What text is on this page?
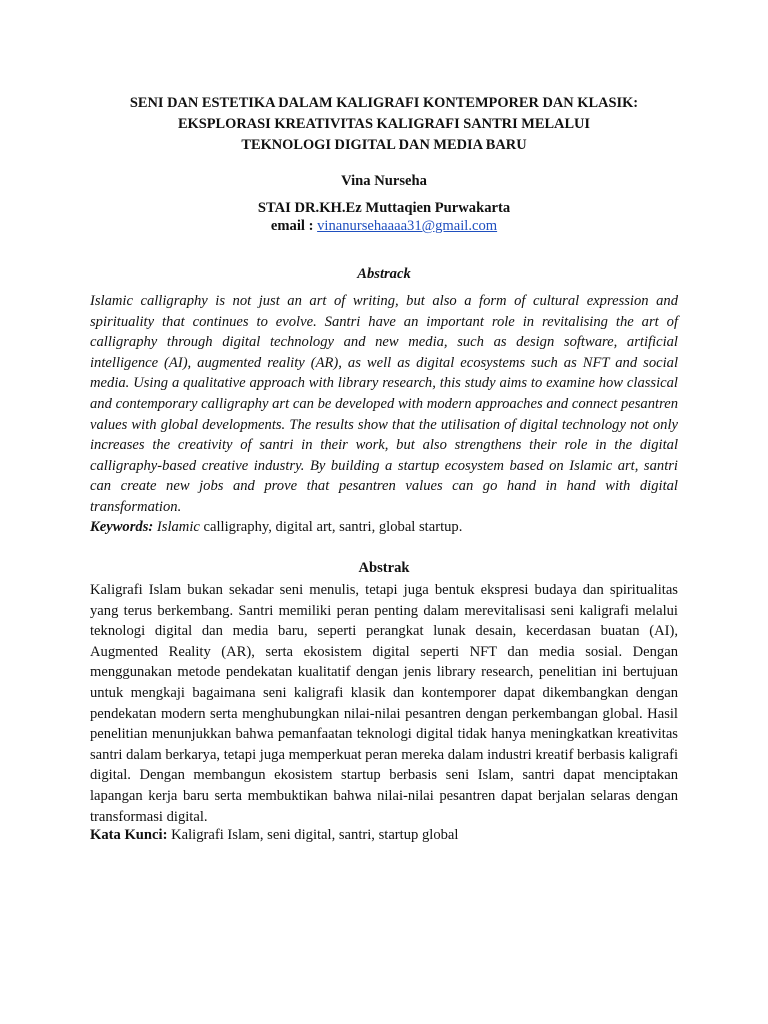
SENI DAN ESTETIKA DALAM KALIGRAFI KONTEMPORER DAN KLASIK:
EKSPLORASI KREATIVITAS KALIGRAFI SANTRI MELALUI
TEKNOLOGI DIGITAL DAN MEDIA BARU
Vina Nurseha
STAI DR.KH.Ez Muttaqien Purwakarta
email : vinanursehaaaa31@gmail.com
Abstrack

Islamic calligraphy is not just an art of writing, but also a form of cultural expression and spirituality that continues to evolve. Santri have an important role in revitalising the art of calligraphy through digital technology and new media, such as design software, artificial intelligence (AI), augmented reality (AR), as well as digital ecosystems such as NFT and social media. Using a qualitative approach with library research, this study aims to examine how classical and contemporary calligraphy art can be developed with modern approaches and connect pesantren values with global developments. The results show that the utilisation of digital technology not only increases the creativity of santri in their work, but also strengthens their role in the digital calligraphy-based creative industry. By building a startup ecosystem based on Islamic art, santri can create new jobs and prove that pesantren values can go hand in hand with digital transformation.

Keywords: Islamic calligraphy, digital art, santri, global startup.
Abstrak

Kaligrafi Islam bukan sekadar seni menulis, tetapi juga bentuk ekspresi budaya dan spiritualitas yang terus berkembang. Santri memiliki peran penting dalam merevitalisasi seni kaligrafi melalui teknologi digital dan media baru, seperti perangkat lunak desain, kecerdasan buatan (AI), Augmented Reality (AR), serta ekosistem digital seperti NFT dan media sosial. Dengan menggunakan metode pendekatan kualitatif dengan jenis library research, penelitian ini bertujuan untuk mengkaji bagaimana seni kaligrafi klasik dan kontemporer dapat dikembangkan dengan pendekatan modern serta menghubungkan nilai-nilai pesantren dengan perkembangan global. Hasil penelitian menunjukkan bahwa pemanfaatan teknologi digital tidak hanya meningkatkan kreativitas santri dalam berkarya, tetapi juga memperkuat peran mereka dalam industri kreatif berbasis kaligrafi digital. Dengan membangun ekosistem startup berbasis seni Islam, santri dapat menciptakan lapangan kerja baru serta membuktikan bahwa nilai-nilai pesantren dapat berjalan selaras dengan transformasi digital.

Kata Kunci: Kaligrafi Islam, seni digital, santri, startup global
